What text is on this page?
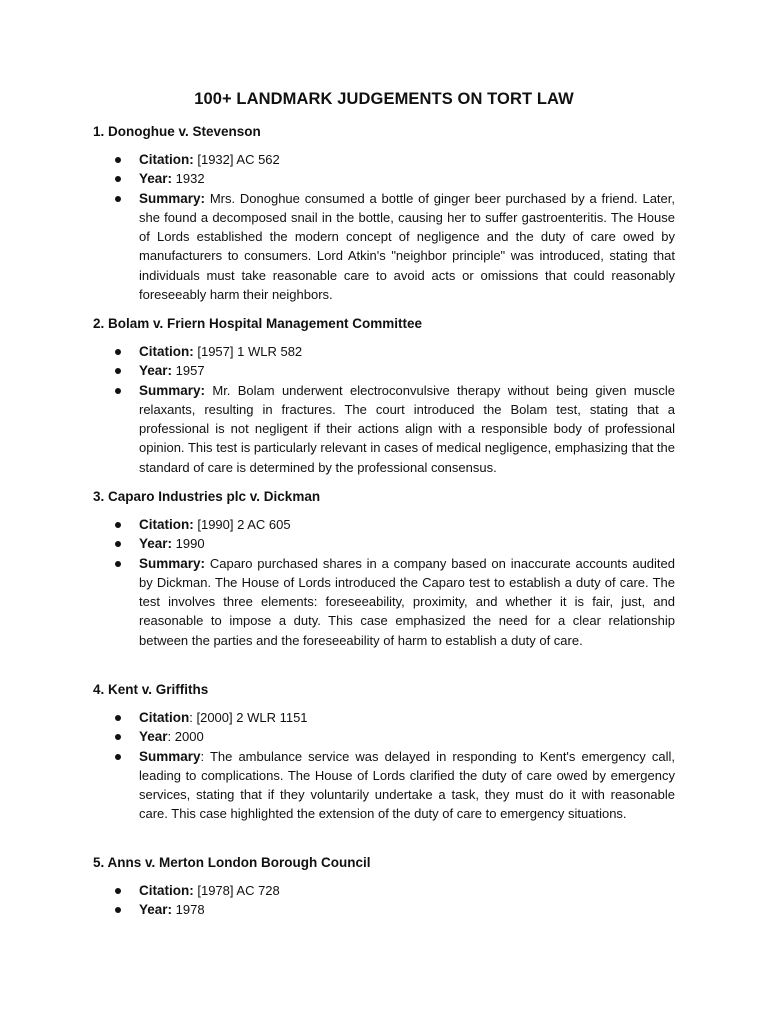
100+ LANDMARK JUDGEMENTS ON TORT LAW

1. Donoghue v. Stevenson

Citation: [1932] AC 562
Year: 1932
Summary: Mrs. Donoghue consumed a bottle of ginger beer purchased by a friend. Later, she found a decomposed snail in the bottle, causing her to suffer gastroenteritis. The House of Lords established the modern concept of negligence and the duty of care owed by manufacturers to consumers. Lord Atkin's "neighbor principle" was introduced, stating that individuals must take reasonable care to avoid acts or omissions that could reasonably foreseeably harm their neighbors.

2. Bolam v. Friern Hospital Management Committee

Citation: [1957] 1 WLR 582
Year: 1957
Summary: Mr. Bolam underwent electroconvulsive therapy without being given muscle relaxants, resulting in fractures. The court introduced the Bolam test, stating that a professional is not negligent if their actions align with a responsible body of professional opinion. This test is particularly relevant in cases of medical negligence, emphasizing that the standard of care is determined by the professional consensus.

3. Caparo Industries plc v. Dickman

Citation: [1990] 2 AC 605
Year: 1990
Summary: Caparo purchased shares in a company based on inaccurate accounts audited by Dickman. The House of Lords introduced the Caparo test to establish a duty of care. The test involves three elements: foreseeability, proximity, and whether it is fair, just, and reasonable to impose a duty. This case emphasized the need for a clear relationship between the parties and the foreseeability of harm to establish a duty of care.

4. Kent v. Griffiths

Citation: [2000] 2 WLR 1151
Year: 2000
Summary: The ambulance service was delayed in responding to Kent's emergency call, leading to complications. The House of Lords clarified the duty of care owed by emergency services, stating that if they voluntarily undertake a task, they must do it with reasonable care. This case highlighted the extension of the duty of care to emergency situations.

5. Anns v. Merton London Borough Council

Citation: [1978] AC 728
Year: 1978
